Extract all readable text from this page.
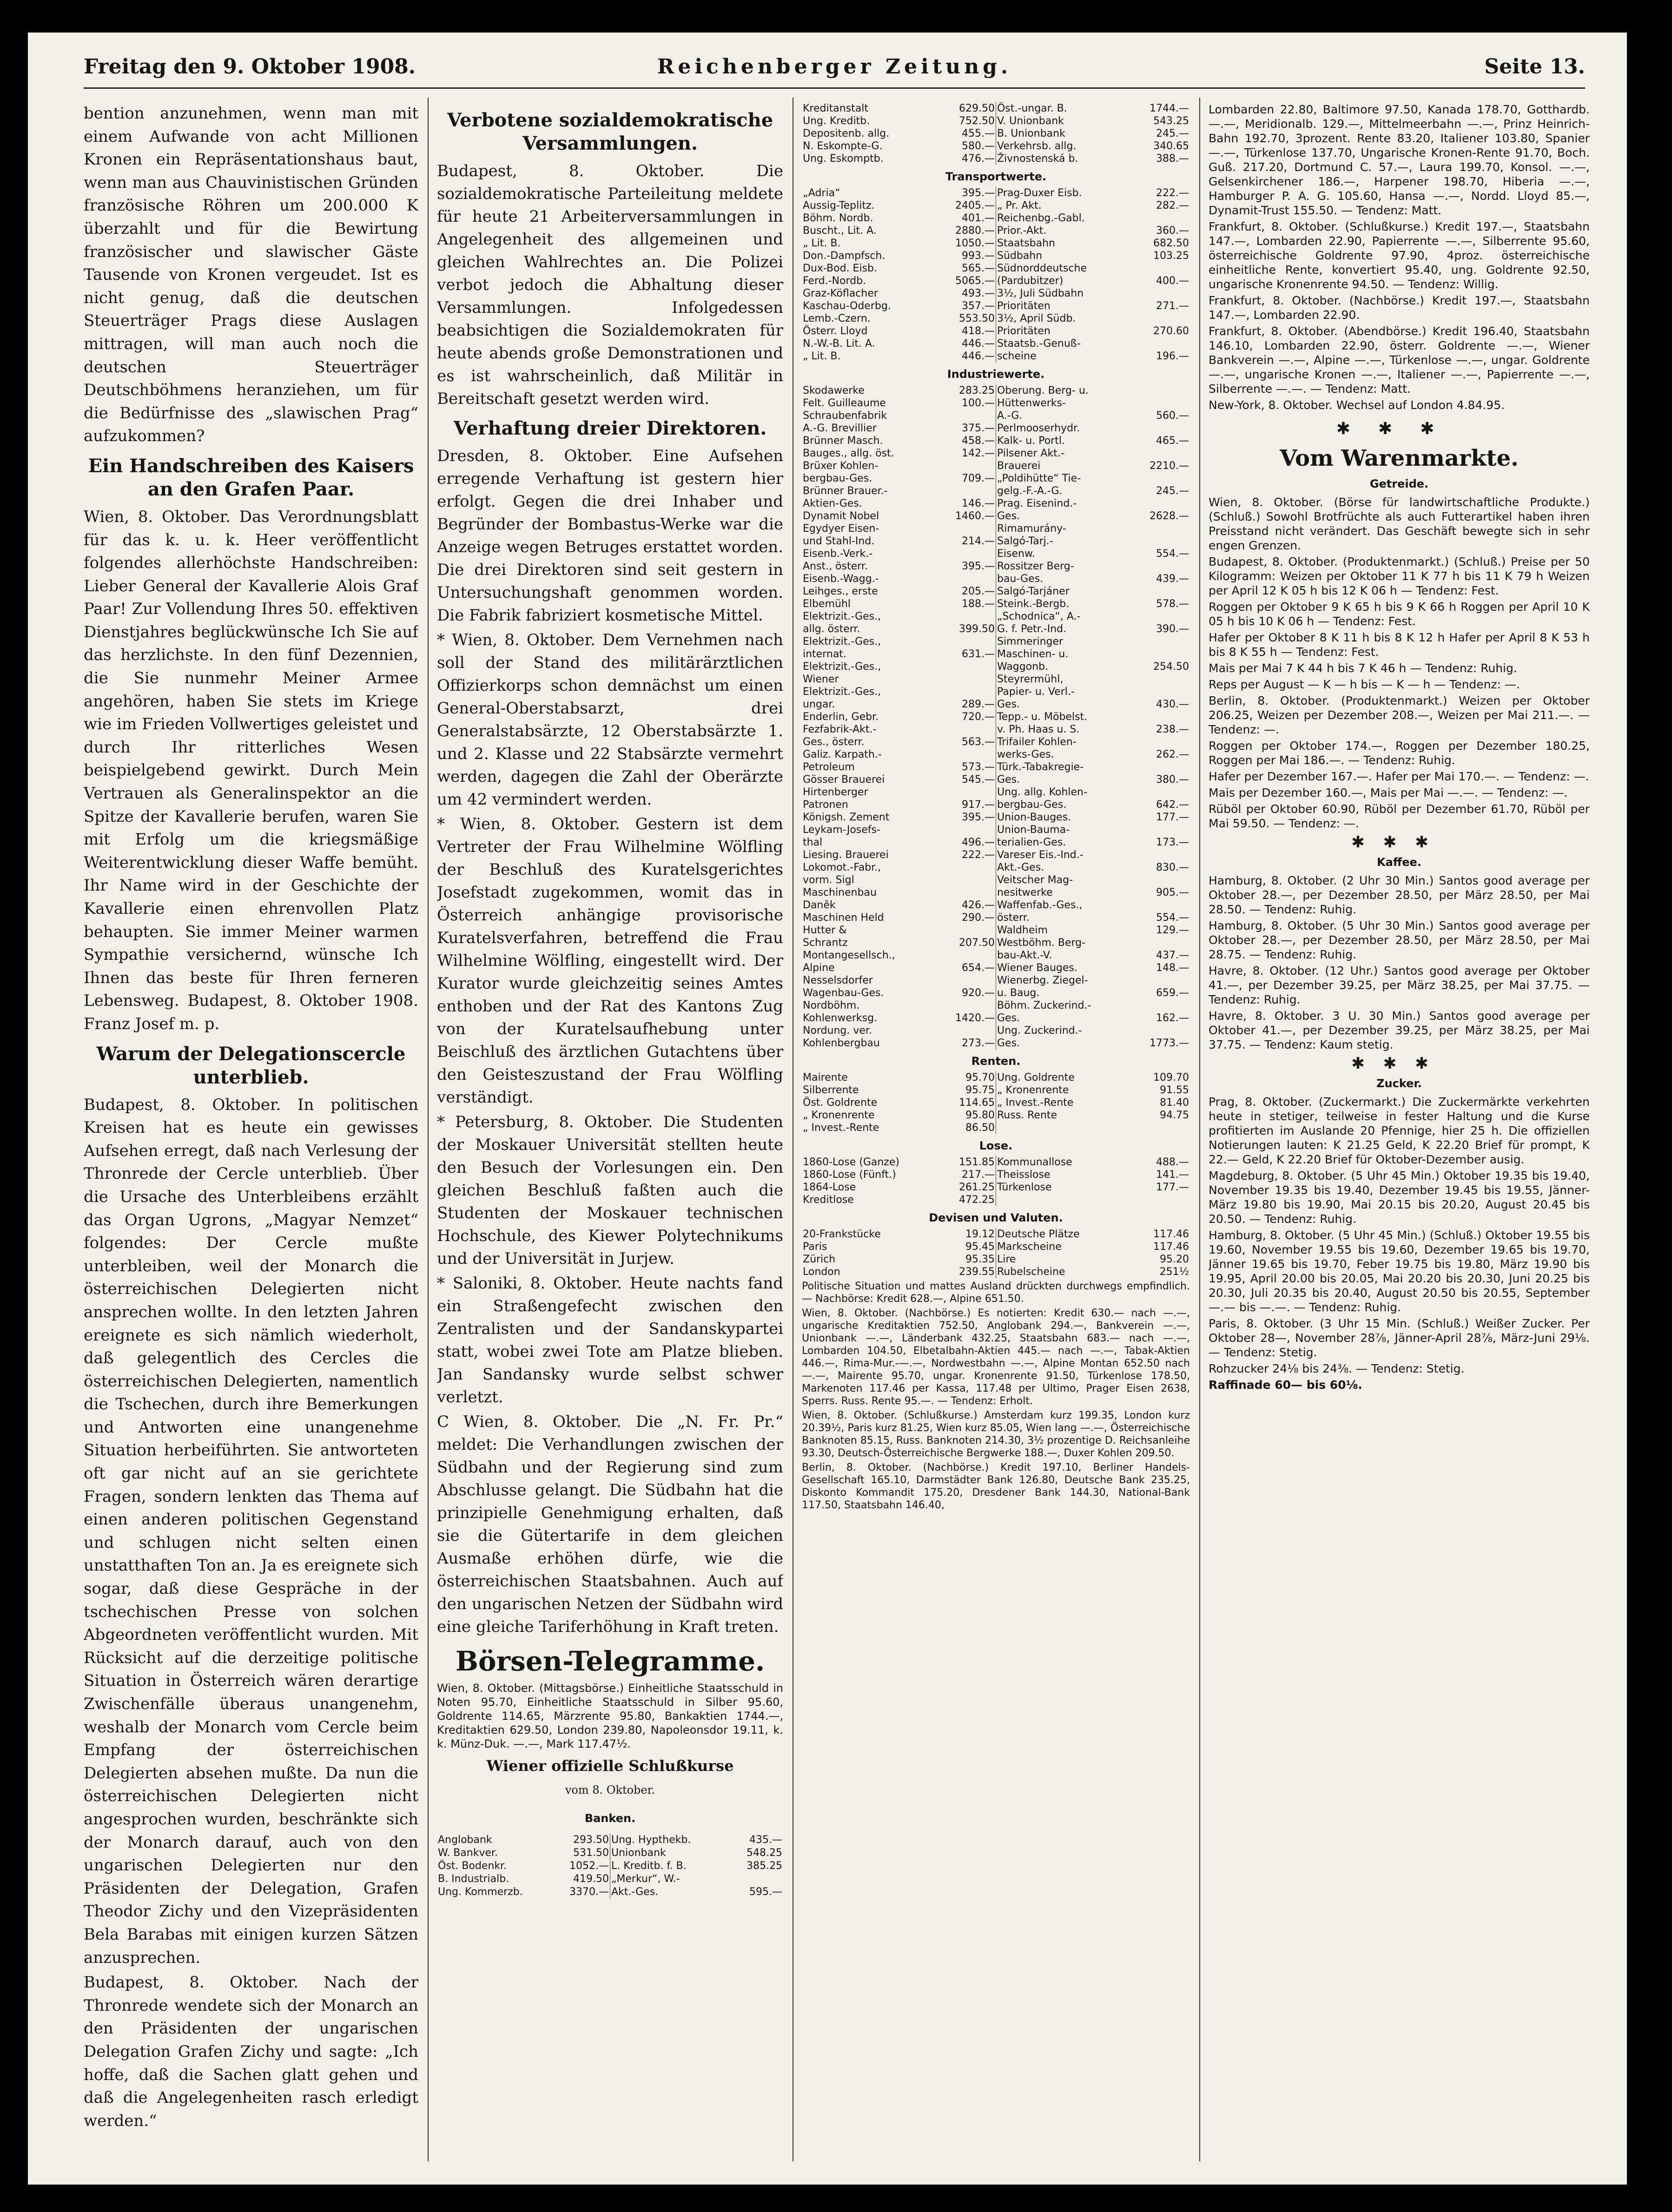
Freitag den 9. Oktober 1908.	Reichenberger Zeitung.	Seite 13.

bention anzunehmen, wenn man mit einem Aufwande von acht Millionen Kronen ein Repräsentationshaus baut, wenn man aus Chauvinistischen Gründen französische Röhren um 200.000 K überzahlt und für die Bewirtung französischer und slawischer Gäste Tausende von Kronen vergeudet. Ist es nicht genug, daß die deutschen Steuerträger Prags diese Auslagen mittragen, will man auch noch die deutschen Steuerträger Deutschböhmens heranziehen, um für die Bedürfnisse des „slawischen Prag“ aufzukommen?

Ein Handschreiben des Kaisers an den Grafen Paar.

Wien, 8. Oktober. Das Verordnungsblatt für das k. u. k. Heer veröffentlicht folgendes allerhöchste Handschreiben: Lieber General der Kavallerie Alois Graf Paar! Zur Vollendung Ihres 50. effektiven Dienstjahres beglückwünsche Ich Sie auf das herzlichste. In den fünf Dezennien, die Sie nunmehr Meiner Armee angehören, haben Sie stets im Kriege wie im Frieden Vollwertiges geleistet und durch Ihr ritterliches Wesen beispielgebend gewirkt. Durch Mein Vertrauen als Generalinspektor an die Spitze der Kavallerie berufen, waren Sie mit Erfolg um die kriegsmäßige Weiterentwicklung dieser Waffe bemüht. Ihr Name wird in der Geschichte der Kavallerie einen ehrenvollen Platz behaupten. Sie immer Meiner warmen Sympathie versichernd, wünsche Ich Ihnen das beste für Ihren ferneren Lebensweg. Budapest, 8. Oktober 1908. Franz Josef m. p.

Warum der Delegationscercle unterblieb.

Budapest, 8. Oktober. In politischen Kreisen hat es heute ein gewisses Aufsehen erregt, daß nach Verlesung der Thronrede der Cercle unterblieb. Über die Ursache des Unterbleibens erzählt das Organ Ugrons, „Magyar Nemzet“ folgendes: Der Cercle mußte unterbleiben, weil der Monarch die österreichischen Delegierten nicht ansprechen wollte. In den letzten Jahren ereignete es sich nämlich wiederholt, daß gelegentlich des Cercles die österreichischen Delegierten, namentlich die Tschechen, durch ihre Bemerkungen und Antworten eine unangenehme Situation herbeiführten. Sie antworteten oft gar nicht auf an sie gerichtete Fragen, sondern lenkten das Thema auf einen anderen politischen Gegenstand und schlugen nicht selten einen unstatthaften Ton an. Ja es ereignete sich sogar, daß diese Gespräche in der tschechischen Presse von solchen Abgeordneten veröffentlicht wurden. Mit Rücksicht auf die derzeitige politische Situation in Österreich wären derartige Zwischenfälle überaus unangenehm, weshalb der Monarch vom Cercle beim Empfang der österreichischen Delegierten absehen mußte. Da nun die österreichischen Delegierten nicht angesprochen wurden, beschränkte sich der Monarch darauf, auch von den ungarischen Delegierten nur den Präsidenten der Delegation, Grafen Theodor Zichy und den Vizepräsidenten Bela Barabas mit einigen kurzen Sätzen anzusprechen.

Budapest, 8. Oktober. Nach der Thronrede wendete sich der Monarch an den Präsidenten der ungarischen Delegation Grafen Zichy und sagte: „Ich hoffe, daß die Sachen glatt gehen und daß die Angelegenheiten rasch erledigt werden.“

Verbotene sozialdemokratische Versammlungen.

Budapest, 8. Oktober. Die sozialdemokratische Parteileitung meldete für heute 21 Arbeiterversammlungen in Angelegenheit des allgemeinen und gleichen Wahlrechtes an. Die Polizei verbot jedoch die Abhaltung dieser Versammlungen. Infolgedessen beabsichtigen die Sozialdemokraten für heute abends große Demonstrationen und es ist wahrscheinlich, daß Militär in Bereitschaft gesetzt werden wird.

Verhaftung dreier Direktoren.

Dresden, 8. Oktober. Eine Aufsehen erregende Verhaftung ist gestern hier erfolgt. Gegen die drei Inhaber und Begründer der Bombastus-Werke war die Anzeige wegen Betruges erstattet worden. Die drei Direktoren sind seit gestern in Untersuchungshaft genommen worden. Die Fabrik fabriziert kosmetische Mittel.

* Wien, 8. Oktober. Dem Vernehmen nach soll der Stand des militärärztlichen Offizierkorps schon demnächst um einen General-Oberstabsarzt, drei Generalstabsärzte, 12 Oberstabsärzte 1. und 2. Klasse und 22 Stabsärzte vermehrt werden, dagegen die Zahl der Oberärzte um 42 vermindert werden.

* Wien, 8. Oktober. Gestern ist dem Vertreter der Frau Wilhelmine Wölfling der Beschluß des Kuratelsgerichtes Josefstadt zugekommen, womit das in Österreich anhängige provisorische Kuratelsverfahren, betreffend die Frau Wilhelmine Wölfling, eingestellt wird. Der Kurator wurde gleichzeitig seines Amtes enthoben und der Rat des Kantons Zug von der Kuratelsaufhebung unter Beischluß des ärztlichen Gutachtens über den Geisteszustand der Frau Wölfling verständigt.

* Petersburg, 8. Oktober. Die Studenten der Moskauer Universität stellten heute den Besuch der Vorlesungen ein. Den gleichen Beschluß faßten auch die Studenten der Moskauer technischen Hochschule, des Kiewer Polytechnikums und der Universität in Jurjew.

* Saloniki, 8. Oktober. Heute nachts fand ein Straßengefecht zwischen den Zentralisten und der Sandanskypartei statt, wobei zwei Tote am Platze blieben. Jan Sandansky wurde selbst schwer verletzt.

C Wien, 8. Oktober. Die „N. Fr. Pr.“ meldet: Die Verhandlungen zwischen der Südbahn und der Regierung sind zum Abschlusse gelangt. Die Südbahn hat die prinzipielle Genehmigung erhalten, daß sie die Gütertarife in dem gleichen Ausmaße erhöhen dürfe, wie die österreichischen Staatsbahnen. Auch auf den ungarischen Netzen der Südbahn wird eine gleiche Tariferhöhung in Kraft treten.

Börsen-Telegramme.

Wien, 8. Oktober. (Mittagsbörse.) Einheitliche Staatsschuld in Noten 95.70, Einheitliche Staatsschuld in Silber 95.60, Goldrente 114.65, Märzrente 95.80, Bankaktien 1744.—, Kreditaktien 629.50, London 239.80, Napoleonsdor 19.11, k. k. Münz-Duk. —.—, Mark 117.47½.

Wiener offizielle Schlußkurse
vom 8. Oktober.
Banken.
Anglobank	293.50	Ung. Hypthekb.	435.—
W. Bankver.	531.50	Unionbank	548.25
Öst. Bodenkr.	1052.—	L. Kreditb. f. B.	385.25
B. Industrialb.	419.50	„Merkur“, W.-	
Ung. Kommerzb.	3370.—	Akt.-Ges.	595.—
Kreditanstalt	629.50	Öst.-ungar. B.	1744.—
Ung. Kreditb.	752.50	V. Unionbank	543.25
Depositenb. allg.	455.—	B. Unionbank	245.—
N. Eskompte-G.	580.—	Verkehrsb. allg.	340.65
Ung. Eskomptb.	476.—	Živnostenská b.	388.—
Transportwerte.
„Adria“	395.—	Prag-Duxer Eisb.	222.—
Aussig-Teplitz.	2405.—	„ Pr. Akt.	282.—
Böhm. Nordb.	401.—	Reichenbg.-Gabl.	
Buscht., Lit. A.	2880.—	Prior.-Akt.	360.—
„ Lit. B.	1050.—	Staatsbahn	682.50
Don.-Dampfsch.	993.—	Südbahn	103.25
Dux-Bod. Eisb.	565.—	Südnorddeutsche	
Ferd.-Nordb.	5065.—	(Pardubitzer)	400.—
Graz-Köflacher	493.—	3½, Juli Südbahn	
Kaschau-Oderbg.	357.—	Prioritäten	271.—
Lemb.-Czern.	553.50	3½, April Südb.	
Österr. Lloyd	418.—	Prioritäten	270.60
N.-W.-B. Lit. A.	446.—	Staatsb.-Genuß-	
„ Lit. B.	446.—	scheine	196.—
Industriewerte.
Skodawerke	283.25	Oberung. Berg- u.	
Felt. Guilleaume	100.—	Hüttenwerks-	
Schraubenfabrik		A.-G.	560.—
A.-G. Brevillier	375.—	Perlmooserhydr.	
Brünner Masch.	458.—	Kalk- u. Portl.	465.—
Bauges., allg. öst.	142.—	Pilsener Akt.-	
Brüxer Kohlen-		Brauerei	2210.—
bergbau-Ges.	709.—	„Poldihütte“ Tie-	
Brünner Brauer.-		gelg.-F.-A.-G.	245.—
Aktien-Ges.	146.—	Prag. Eisenind.-	
Dynamit Nobel	1460.—	Ges.	2628.—
Egydyer Eisen-		Rimamurány-	
und Stahl-Ind.	214.—	Salgó-Tarj.-	
Eisenb.-Verk.-		Eisenw.	554.—
Anst., österr.	395.—	Rossitzer Berg-	
Eisenb.-Wagg.-		bau-Ges.	439.—
Leihges., erste	205.—	Salgó-Tarjáner	
Elbemühl	188.—	Steink.-Bergb.	578.—
Elektrizit.-Ges.,		„Schodnica“, A.-	
allg. österr.	399.50	G. f. Petr.-Ind.	390.—
Elektrizit.-Ges.,		Simmeringer	
internat.	631.—	Maschinen- u.	
Elektrizit.-Ges.,		Waggonb.	254.50
Wiener		Steyrermühl,	
Elektrizit.-Ges.,		Papier- u. Verl.-	
ungar.	289.—	Ges.	430.—
Enderlin, Gebr.	720.—	Tepp.- u. Möbelst.	
Fezfabrik-Akt.-		v. Ph. Haas u. S.	238.—
Ges., österr.	563.—	Trifailer Kohlen-	
Galiz. Karpath.-		werks-Ges.	262.—
Petroleum	573.—	Türk.-Tabakregie-	
Gösser Brauerei	545.—	Ges.	380.—
Hirtenberger		Ung. allg. Kohlen-	
Patronen	917.—	bergbau-Ges.	642.—
Königsh. Zement	395.—	Union-Bauges.	177.—
Leykam-Josefs-		Union-Bauma-	
thal	496.—	terialien-Ges.	173.—
Liesing. Brauerei	222.—	Vareser Eis.-Ind.-	
Lokomot.-Fabr.,		Akt.-Ges.	830.—
vorm. Sigl		Veitscher Mag-	
Maschinenbau		nesitwerke	905.—
Daněk	426.—	Waffenfab.-Ges.,	
Maschinen Held	290.—	österr.	554.—
Hutter &		Waldheim	129.—
Schrantz	207.50	Westböhm. Berg-	
Montangesellsch.,		bau-Akt.-V.	437.—
Alpine	654.—	Wiener Bauges.	148.—
Nesselsdorfer		Wienerbg. Ziegel-	
Wagenbau-Ges.	920.—	u. Baug.	659.—
Nordböhm.		Böhm. Zuckerind.-	
Kohlenwerksg.	1420.—	Ges.	162.—
Nordung. ver.		Ung. Zuckerind.-	
Kohlenbergbau	273.—	Ges.	1773.—
Renten.
Mairente	95.70	Ung. Goldrente	109.70
Silberrente	95.75	„ Kronenrente	91.55
Öst. Goldrente	114.65	„ Invest.-Rente	81.40
„ Kronenrente	95.80	Russ. Rente	94.75
„ Invest.-Rente	86.50		
Lose.
1860-Lose (Ganze)	151.85	Kommunallose	488.—
1860-Lose (Fünft.)	217.—	Theisslose	141.—
1864-Lose	261.25	Türkenlose	177.—
Kreditlose	472.25		
Devisen und Valuten.
20-Frankstücke	19.12	Deutsche Plätze	117.46
Paris	95.45	Markscheine	117.46
Zürich	95.35	Lire	95.20
London	239.55	Rubelscheine	251½

Politische Situation und mattes Ausland drückten durchwegs empfindlich. — Nachbörse: Kredit 628.—, Alpine 651.50.

Wien, 8. Oktober. (Nachbörse.) Es notierten: Kredit 630.— nach —.—, ungarische Kreditaktien 752.50, Anglobank 294.—, Bankverein —.—, Unionbank —.—, Länderbank 432.25, Staatsbahn 683.— nach —.—, Lombarden 104.50, Elbetalbahn-Aktien 445.— nach —.—, Tabak-Aktien 446.—, Rima-Mur.-—.—, Nordwestbahn —.—, Alpine Montan 652.50 nach —.—, Mairente 95.70, ungar. Kronenrente 91.50, Türkenlose 178.50, Markenoten 117.46 per Kassa, 117.48 per Ultimo, Prager Eisen 2638, Sperrs. Russ. Rente 95.—. — Tendenz: Erholt.

Wien, 8. Oktober. (Schlußkurse.) Amsterdam kurz 199.35, London kurz 20.39½, Paris kurz 81.25, Wien kurz 85.05, Wien lang —.—, Österreichische Banknoten 85.15, Russ. Banknoten 214.30, 3½ prozentige D. Reichsanleihe 93.30, Deutsch-Österreichische Bergwerke 188.—, Duxer Kohlen 209.50.

Berlin, 8. Oktober. (Nachbörse.) Kredit 197.10, Berliner Handels-Gesellschaft 165.10, Darmstädter Bank 126.80, Deutsche Bank 235.25, Diskonto Kommandit 175.20, Dresdener Bank 144.30, National-Bank 117.50, Staatsbahn 146.40,

Lombarden 22.80, Baltimore 97.50, Kanada 178.70, Gotthardb. —.—, Meridionalb. 129.—, Mittelmeerbahn —.—, Prinz Heinrich-Bahn 192.70, 3prozent. Rente 83.20, Italiener 103.80, Spanier —.—, Türkenlose 137.70, Ungarische Kronen-Rente 91.70, Boch. Guß. 217.20, Dortmund C. 57.—, Laura 199.70, Konsol. —.—, Gelsenkirchener 186.—, Harpener 198.70, Hiberia —.—, Hamburger P. A. G. 105.60, Hansa —.—, Nordd. Lloyd 85.—, Dynamit-Trust 155.50. — Tendenz: Matt.

Frankfurt, 8. Oktober. (Schlußkurse.) Kredit 197.—, Staatsbahn 147.—, Lombarden 22.90, Papierrente —.—, Silberrente 95.60, österreichische Goldrente 97.90, 4proz. österreichische einheitliche Rente, konvertiert 95.40, ung. Goldrente 92.50, ungarische Kronenrente 94.50. — Tendenz: Willig.

Frankfurt, 8. Oktober. (Nachbörse.) Kredit 197.—, Staatsbahn 147.—, Lombarden 22.90.

Frankfurt, 8. Oktober. (Abendbörse.) Kredit 196.40, Staatsbahn 146.10, Lombarden 22.90, österr. Goldrente —.—, Wiener Bankverein —.—, Alpine —.—, Türkenlose —.—, ungar. Goldrente —.—, ungarische Kronen —.—, Italiener —.—, Papierrente —.—, Silberrente —.—. — Tendenz: Matt.

New-York, 8. Oktober. Wechsel auf London 4.84.95.

✱✱✱
Vom Warenmarkte.
Getreide.

Wien, 8. Oktober. (Börse für landwirtschaftliche Produkte.) (Schluß.) Sowohl Brotfrüchte als auch Futterartikel haben ihren Preisstand nicht verändert. Das Geschäft bewegte sich in sehr engen Grenzen.

Budapest, 8. Oktober. (Produktenmarkt.) (Schluß.) Preise per 50 Kilogramm: Weizen per Oktober 11 K 77 h bis 11 K 79 h Weizen per April 12 K 05 h bis 12 K 06 h — Tendenz: Fest.

Roggen per Oktober 9 K 65 h bis 9 K 66 h Roggen per April 10 K 05 h bis 10 K 06 h — Tendenz: Fest.

Hafer per Oktober 8 K 11 h bis 8 K 12 h Hafer per April 8 K 53 h bis 8 K 55 h — Tendenz: Fest.

Mais per Mai 7 K 44 h bis 7 K 46 h — Tendenz: Ruhig.

Reps per August — K — h bis — K — h — Tendenz: —.

Berlin, 8. Oktober. (Produktenmarkt.) Weizen per Oktober 206.25, Weizen per Dezember 208.—, Weizen per Mai 211.—. — Tendenz: —.

Roggen per Oktober 174.—, Roggen per Dezember 180.25, Roggen per Mai 186.—. — Tendenz: Ruhig.

Hafer per Dezember 167.—. Hafer per Mai 170.—. — Tendenz: —.

Mais per Dezember 160.—, Mais per Mai —.—. — Tendenz: —.

Rüböl per Oktober 60.90, Rüböl per Dezember 61.70, Rüböl per Mai 59.50. — Tendenz: —.

✱✱✱
Kaffee.

Hamburg, 8. Oktober. (2 Uhr 30 Min.) Santos good average per Oktober 28.—, per Dezember 28.50, per März 28.50, per Mai 28.50. — Tendenz: Ruhig.

Hamburg, 8. Oktober. (5 Uhr 30 Min.) Santos good average per Oktober 28.—, per Dezember 28.50, per März 28.50, per Mai 28.75. — Tendenz: Ruhig.

Havre, 8. Oktober. (12 Uhr.) Santos good average per Oktober 41.—, per Dezember 39.25, per März 38.25, per Mai 37.75. — Tendenz: Ruhig.

Havre, 8. Oktober. 3 U. 30 Min.) Santos good average per Oktober 41.—, per Dezember 39.25, per März 38.25, per Mai 37.75. — Tendenz: Kaum stetig.

✱✱✱
Zucker.

Prag, 8. Oktober. (Zuckermarkt.) Die Zuckermärkte verkehrten heute in stetiger, teilweise in fester Haltung und die Kurse profitierten im Auslande 20 Pfennige, hier 25 h. Die offiziellen Notierungen lauten: K 21.25 Geld, K 22.20 Brief für prompt, K 22.— Geld, K 22.20 Brief für Oktober-Dezember ausig.

Magdeburg, 8. Oktober. (5 Uhr 45 Min.) Oktober 19.35 bis 19.40, November 19.35 bis 19.40, Dezember 19.45 bis 19.55, Jänner-März 19.80 bis 19.90, Mai 20.15 bis 20.20, August 20.45 bis 20.50. — Tendenz: Ruhig.

Hamburg, 8. Oktober. (5 Uhr 45 Min.) (Schluß.) Oktober 19.55 bis 19.60, November 19.55 bis 19.60, Dezember 19.65 bis 19.70, Jänner 19.65 bis 19.70, Feber 19.75 bis 19.80, März 19.90 bis 19.95, April 20.00 bis 20.05, Mai 20.20 bis 20.30, Juni 20.25 bis 20.30, Juli 20.35 bis 20.40, August 20.50 bis 20.55, September —.— bis —.—. — Tendenz: Ruhig.

Paris, 8. Oktober. (3 Uhr 15 Min. (Schluß.) Weißer Zucker. Per Oktober 28—, November 28⅞, Jänner-April 28⅞, März-Juni 29⅛. — Tendenz: Stetig.

Rohzucker 24⅛ bis 24⅜. — Tendenz: Stetig.

Raffinade 60— bis 60⅛.
